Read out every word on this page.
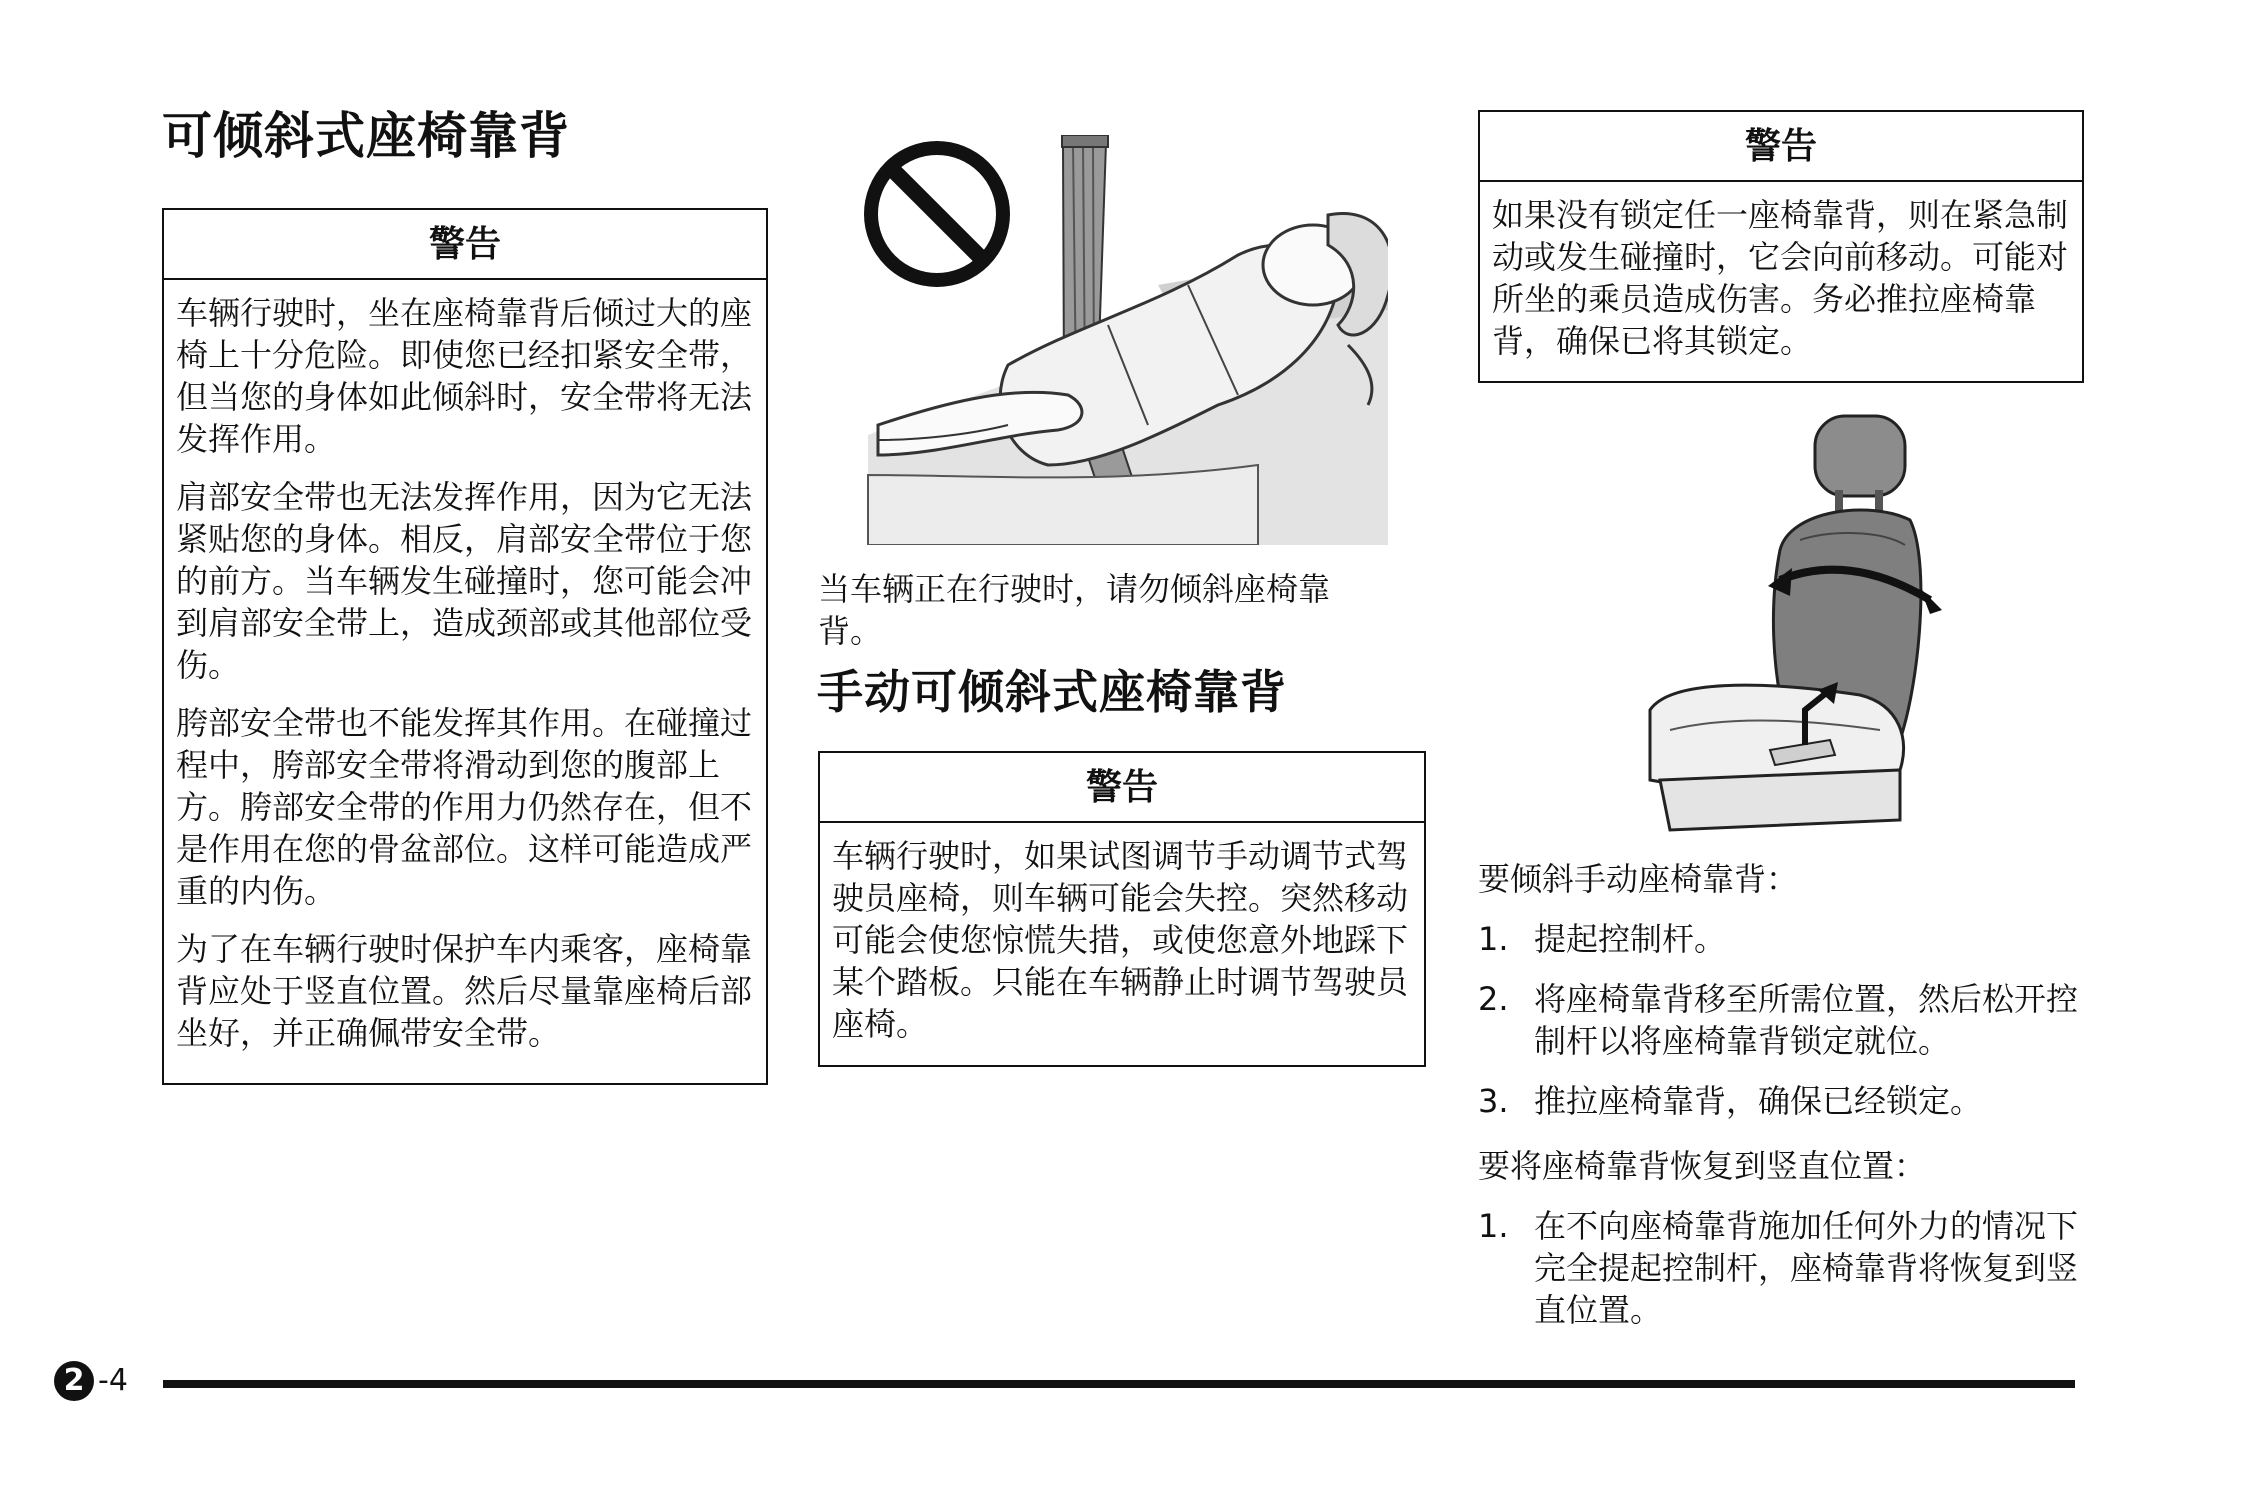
可倾斜式座椅靠背
警告

车辆行驶时，坐在座椅靠背后倾过大的座椅上十分危险。即使您已经扣紧安全带，但当您的身体如此倾斜时，安全带将无法发挥作用。

肩部安全带也无法发挥作用，因为它无法紧贴您的身体。相反，肩部安全带位于您的前方。当车辆发生碰撞时，您可能会冲到肩部安全带上，造成颈部或其他部位受伤。

胯部安全带也不能发挥其作用。在碰撞过程中，胯部安全带将滑动到您的腹部上方。胯部安全带的作用力仍然存在，但不是作用在您的骨盆部位。这样可能造成严重的内伤。

为了在车辆行驶时保护车内乘客，座椅靠背应处于竖直位置。然后尽量靠座椅后部坐好，并正确佩带安全带。

当车辆正在行驶时，请勿倾斜座椅靠背。

手动可倾斜式座椅靠背
警告

车辆行驶时，如果试图调节手动调节式驾驶员座椅，则车辆可能会失控。突然移动可能会使您惊慌失措，或使您意外地踩下某个踏板。只能在车辆静止时调节驾驶员座椅。

警告

如果没有锁定任一座椅靠背，则在紧急制动或发生碰撞时，它会向前移动。可能对所坐的乘员造成伤害。务必推拉座椅靠背，确保已将其锁定。

要倾斜手动座椅靠背：

1. 提起控制杆。
2. 将座椅靠背移至所需位置，然后松开控制杆以将座椅靠背锁定就位。
3. 推拉座椅靠背，确保已经锁定。

要将座椅靠背恢复到竖直位置：

1. 在不向座椅靠背施加任何外力的情况下完全提起控制杆，座椅靠背将恢复到竖直位置。
2 -4
